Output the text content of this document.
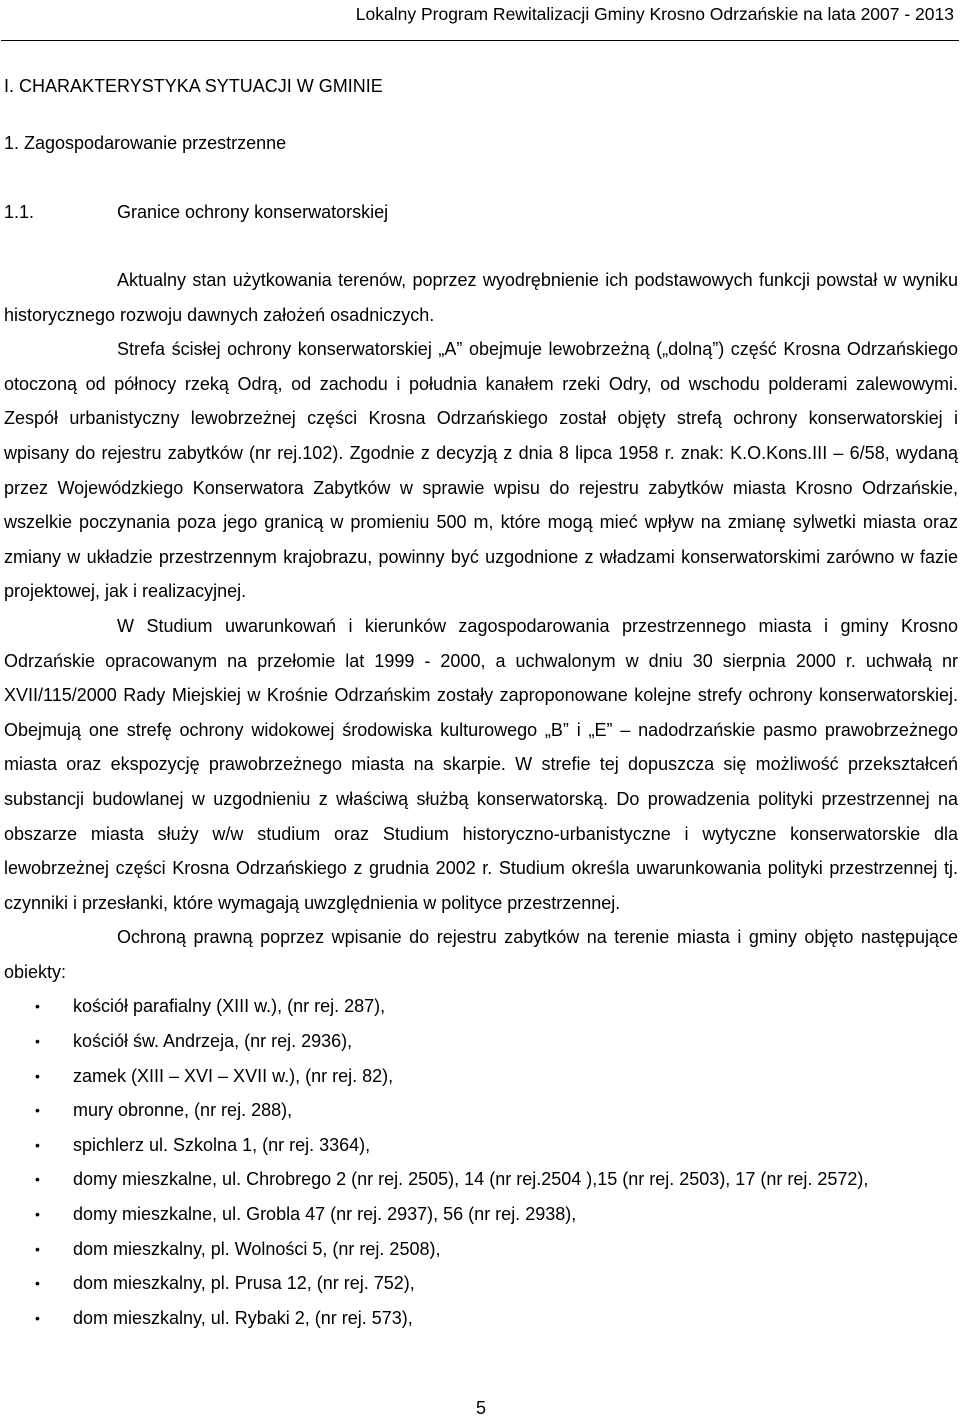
Lokalny Program Rewitalizacji Gminy Krosno Odrzańskie na lata 2007 - 2013
I. CHARAKTERYSTYKA SYTUACJI W GMINIE
1. Zagospodarowanie przestrzenne
1.1.	Granice ochrony konserwatorskiej

Aktualny stan użytkowania terenów, poprzez wyodrębnienie ich podstawowych funkcji powstał w wyniku historycznego rozwoju dawnych założeń osadniczych.

Strefa ścisłej ochrony konserwatorskiej „A” obejmuje lewobrzeżną („dolną”) część Krosna Odrzańskiego otoczoną od północy rzeką Odrą, od zachodu i południa kanałem rzeki Odry, od wschodu polderami zalewowymi. Zespół urbanistyczny lewobrzeżnej części Krosna Odrzańskiego został objęty strefą ochrony konserwatorskiej i wpisany do rejestru zabytków (nr rej.102). Zgodnie z decyzją z dnia 8 lipca 1958 r. znak: K.O.Kons.III – 6/58, wydaną przez Wojewódzkiego Konserwatora Zabytków w sprawie wpisu do rejestru zabytków miasta Krosno Odrzańskie, wszelkie poczynania poza jego granicą w promieniu 500 m, które mogą mieć wpływ na zmianę sylwetki miasta oraz zmiany w układzie przestrzennym krajobrazu, powinny być uzgodnione z władzami konserwatorskimi zarówno w fazie projektowej, jak i realizacyjnej.

W Studium uwarunkowań i kierunków zagospodarowania przestrzennego miasta i gminy Krosno Odrzańskie opracowanym na przełomie lat 1999 - 2000, a uchwalonym w dniu 30 sierpnia 2000 r. uchwałą nr XVII/115/2000 Rady Miejskiej w Krośnie Odrzańskim zostały zaproponowane kolejne strefy ochrony konserwatorskiej. Obejmują one strefę ochrony widokowej środowiska kulturowego „B” i „E” – nadodrzańskie pasmo prawobrzeżnego miasta oraz ekspozycję prawobrzeżnego miasta na skarpie. W strefie tej dopuszcza się możliwość przekształceń substancji budowlanej w uzgodnieniu z właściwą służbą konserwatorską. Do prowadzenia polityki przestrzennej na obszarze miasta służy w/w studium oraz Studium historyczno-urbanistyczne i wytyczne konserwatorskie dla lewobrzeżnej części Krosna Odrzańskiego z grudnia 2002 r. Studium określa uwarunkowania polityki przestrzennej tj. czynniki i przesłanki, które wymagają uwzględnienia w polityce przestrzennej.

Ochroną prawną poprzez wpisanie do rejestru zabytków na terenie miasta i gminy objęto następujące obiekty:

• kościół parafialny (XIII w.), (nr rej. 287),
• kościół św. Andrzeja, (nr rej. 2936),
• zamek (XIII – XVI – XVII w.), (nr rej. 82),
• mury obronne, (nr rej. 288),
• spichlerz ul. Szkolna 1, (nr rej. 3364),
• domy mieszkalne, ul. Chrobrego 2 (nr rej. 2505), 14 (nr rej.2504 ),15 (nr rej. 2503), 17 (nr rej. 2572),
• domy mieszkalne, ul. Grobla 47 (nr rej. 2937), 56 (nr rej. 2938),
• dom mieszkalny, pl. Wolności 5, (nr rej. 2508),
• dom mieszkalny, pl. Prusa 12, (nr rej. 752),
• dom mieszkalny, ul. Rybaki 2, (nr rej. 573),
5
